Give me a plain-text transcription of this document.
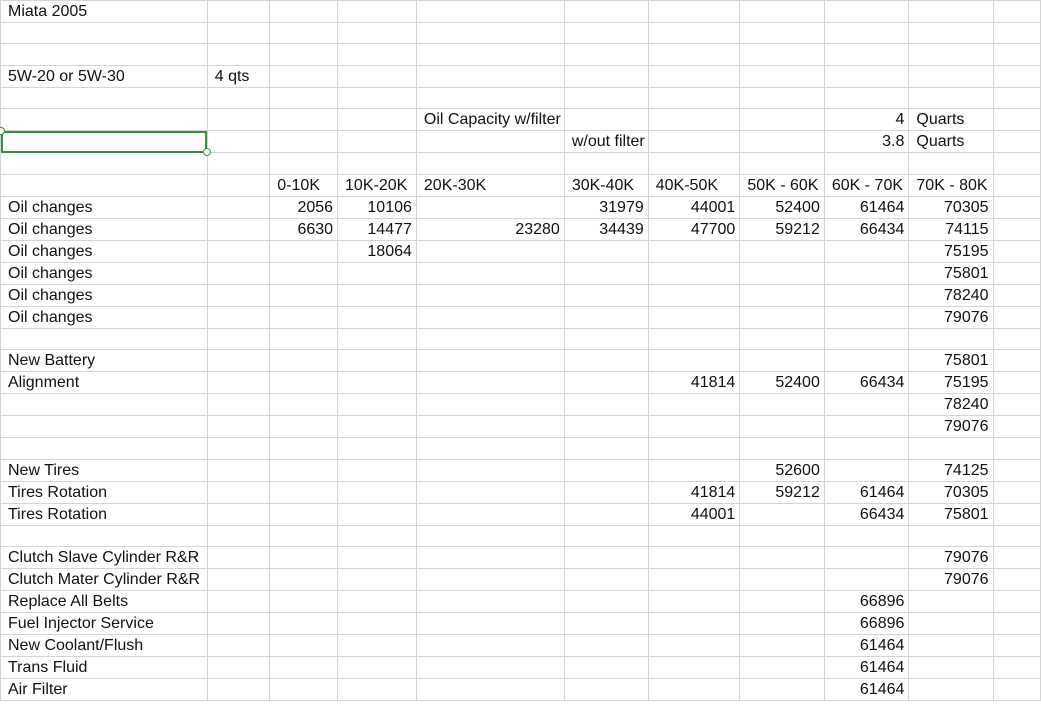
Miata 2005										

5W-20 or 5W-30	4 qts									

				Oil Capacity w/filter				4	Quarts	

					w/out filter			3.8	Quarts	

		0-10K	10K-20K	20K-30K	30K-40K	40K-50K	50K - 60K	60K - 70K	70K - 80K	
Oil changes		2056	10106		31979	44001	52400	61464	70305	
Oil changes		6630	14477	23280	34439	47700	59212	66434	74115	
Oil changes			18064						75195	
Oil changes									75801	
Oil changes									78240	
Oil changes									79076	

New Battery									75801	
Alignment						41814	52400	66434	75195	
									78240	
									79076	

New Tires							52600		74125	
Tires Rotation						41814	59212	61464	70305	
Tires Rotation						44001		66434	75801	

Clutch Slave Cylinder R&R									79076	
Clutch Mater Cylinder R&R									79076	
Replace All Belts								66896		
Fuel Injector Service								66896		
New Coolant/Flush								61464		
Trans Fluid								61464		
Air Filter								61464		
